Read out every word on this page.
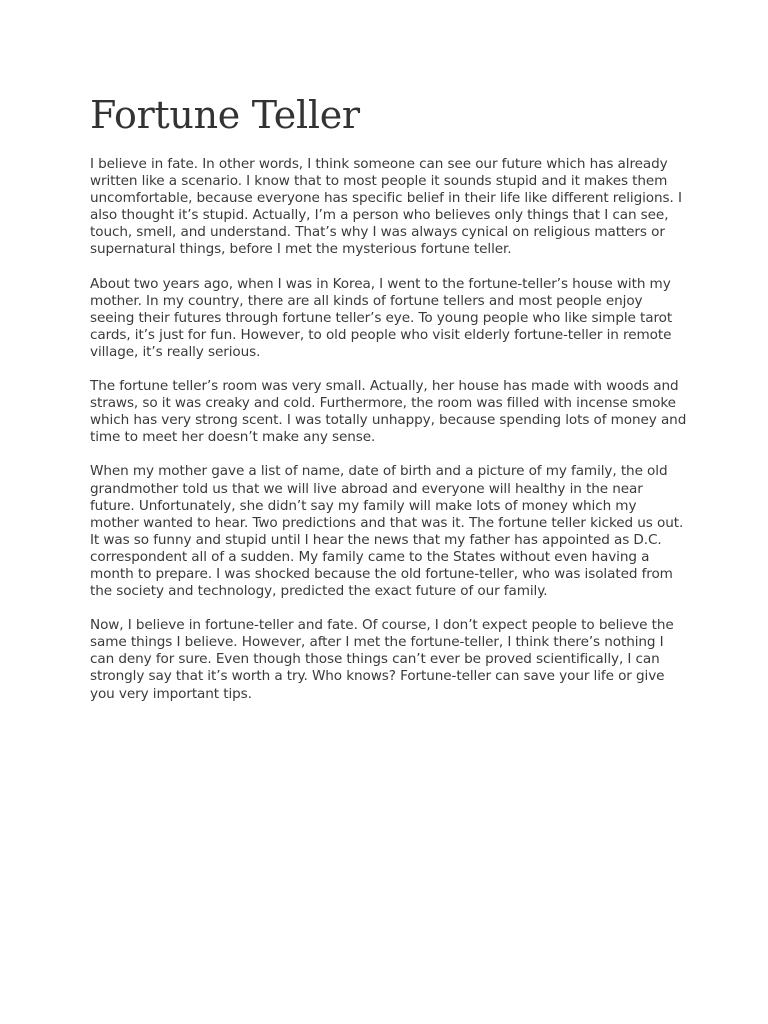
Fortune Teller

I believe in fate. In other words, I think someone can see our future which has already written like a scenario. I know that to most people it sounds stupid and it makes them uncomfortable, because everyone has specific belief in their life like different religions. I also thought it’s stupid. Actually, I’m a person who believes only things that I can see, touch, smell, and understand. That’s why I was always cynical on religious matters or supernatural things, before I met the mysterious fortune teller.

About two years ago, when I was in Korea, I went to the fortune-teller’s house with my mother. In my country, there are all kinds of fortune tellers and most people enjoy seeing their futures through fortune teller’s eye. To young people who like simple tarot cards, it’s just for fun. However, to old people who visit elderly fortune-teller in remote village, it’s really serious.

The fortune teller’s room was very small. Actually, her house has made with woods and straws, so it was creaky and cold. Furthermore, the room was filled with incense smoke which has very strong scent. I was totally unhappy, because spending lots of money and time to meet her doesn’t make any sense.

When my mother gave a list of name, date of birth and a picture of my family, the old grandmother told us that we will live abroad and everyone will healthy in the near future. Unfortunately, she didn’t say my family will make lots of money which my mother wanted to hear. Two predictions and that was it. The fortune teller kicked us out. It was so funny and stupid until I hear the news that my father has appointed as D.C. correspondent all of a sudden. My family came to the States without even having a month to prepare. I was shocked because the old fortune-teller, who was isolated from the society and technology, predicted the exact future of our family.

Now, I believe in fortune-teller and fate. Of course, I don’t expect people to believe the same things I believe. However, after I met the fortune-teller, I think there’s nothing I can deny for sure. Even though those things can’t ever be proved scientifically, I can strongly say that it’s worth a try. Who knows? Fortune-teller can save your life or give you very important tips.
